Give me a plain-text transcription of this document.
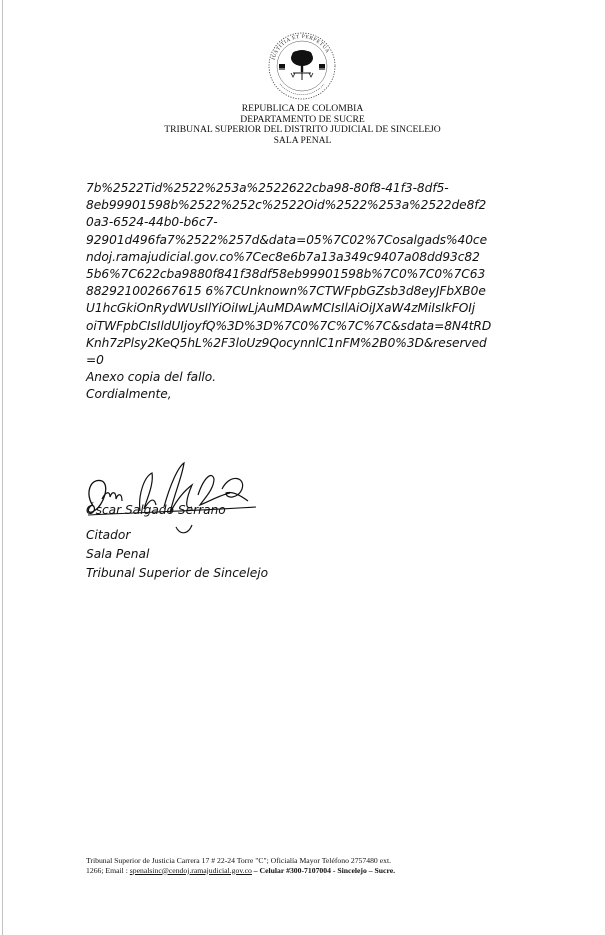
IUSTITIA ET PERPETUA
REPUBLICA DE COLOMBIA
DEPARTAMENTO DE SUCRE
TRIBUNAL SUPERIOR DEL DISTRITO JUDICIAL DE SINCELEJO
SALA PENAL
7b%2522Tid%2522%253a%2522622cba98-80f8-41f3-8df5-
8eb99901598b%2522%252c%2522Oid%2522%253a%2522de8f2
0a3-6524-44b0-b6c7-
92901d496fa7%2522%257d&data=05%7C02%7Cosalgads%40ce
ndoj.ramajudicial.gov.co%7Cec8e6b7a13a349c9407a08dd93c82
5b6%7C622cba9880f841f38df58eb99901598b%7C0%7C0%7C63
882921002667615 6%7CUnknown%7CTWFpbGZsb3d8eyJFbXB0e
U1hcGkiOnRydWUsIlYiOiIwLjAuMDAwMCIsIlAiOiJXaW4zMiIsIkFOIj
oiTWFpbCIsIldUIjoyfQ%3D%3D%7C0%7C%7C%7C&sdata=8N4tRD
Knh7zPlsy2KeQ5hL%2F3loUz9QocynnlC1nFM%2B0%3D&reserved
=0
Anexo copia del fallo.
Cordialmente,
Óscar Salgado Serrano
Citador
Sala Penal
Tribunal Superior de Sincelejo
Tribunal Superior de Justicia Carrera 17 # 22-24 Torre "C"; Oficialía Mayor Teléfono 2757480 ext.
1266; Email : spenalsinc@cendoj.ramajudicial.gov.co – Celular #300-7107004 - Sincelejo – Sucre.
